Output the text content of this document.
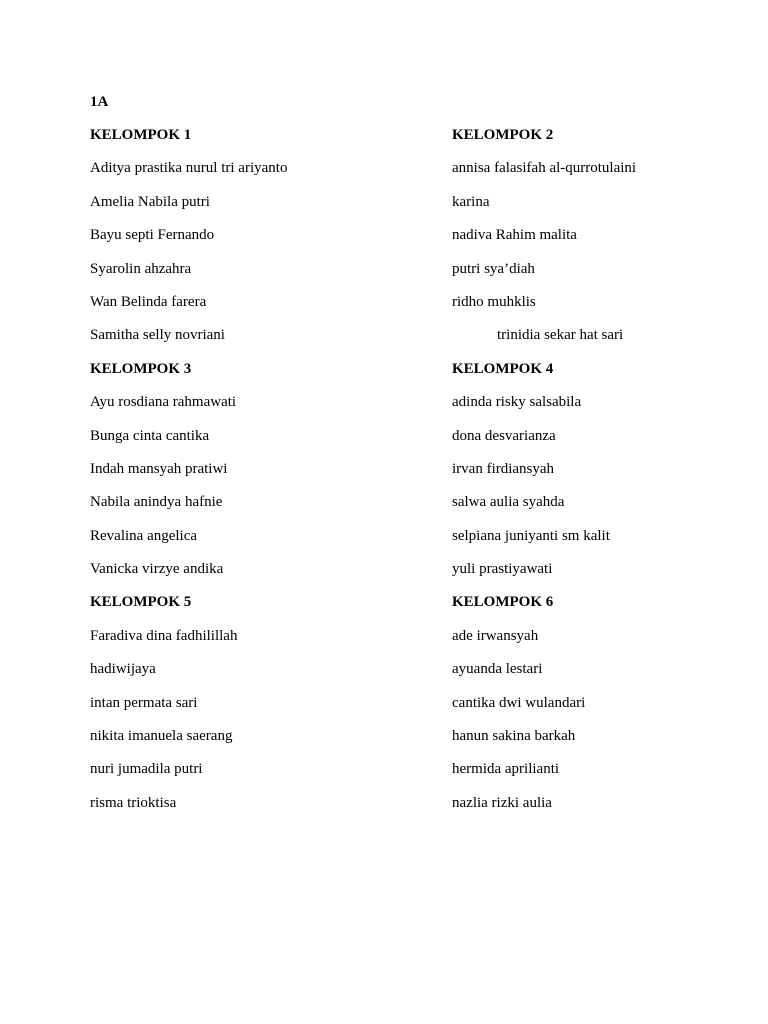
1A

KELOMPOK 1

Aditya prastika nurul tri ariyanto
Amelia Nabila putri
Bayu septi Fernando
Syarolin ahzahra
Wan Belinda farera
Samitha selly novriani

KELOMPOK 3

Ayu rosdiana rahmawati
Bunga cinta cantika
Indah mansyah pratiwi
Nabila anindya hafnie
Revalina angelica
Vanicka virzye andika

KELOMPOK 5

Faradiva dina fadhilillah
hadiwijaya
intan permata sari
nikita imanuela saerang
nuri jumadila putri
risma trioktisa

KELOMPOK 2

annisa falasifah al-qurrotulaini
karina
nadiva Rahim malita
putri sya’diah
ridho muhklis
trinidia sekar hat sari

KELOMPOK 4

adinda risky salsabila
dona desvarianza
irvan firdiansyah
salwa aulia syahda
selpiana juniyanti sm kalit
yuli prastiyawati

KELOMPOK 6

ade irwansyah
ayuanda lestari
cantika dwi wulandari
hanun sakina barkah
hermida aprilianti
nazlia rizki aulia
